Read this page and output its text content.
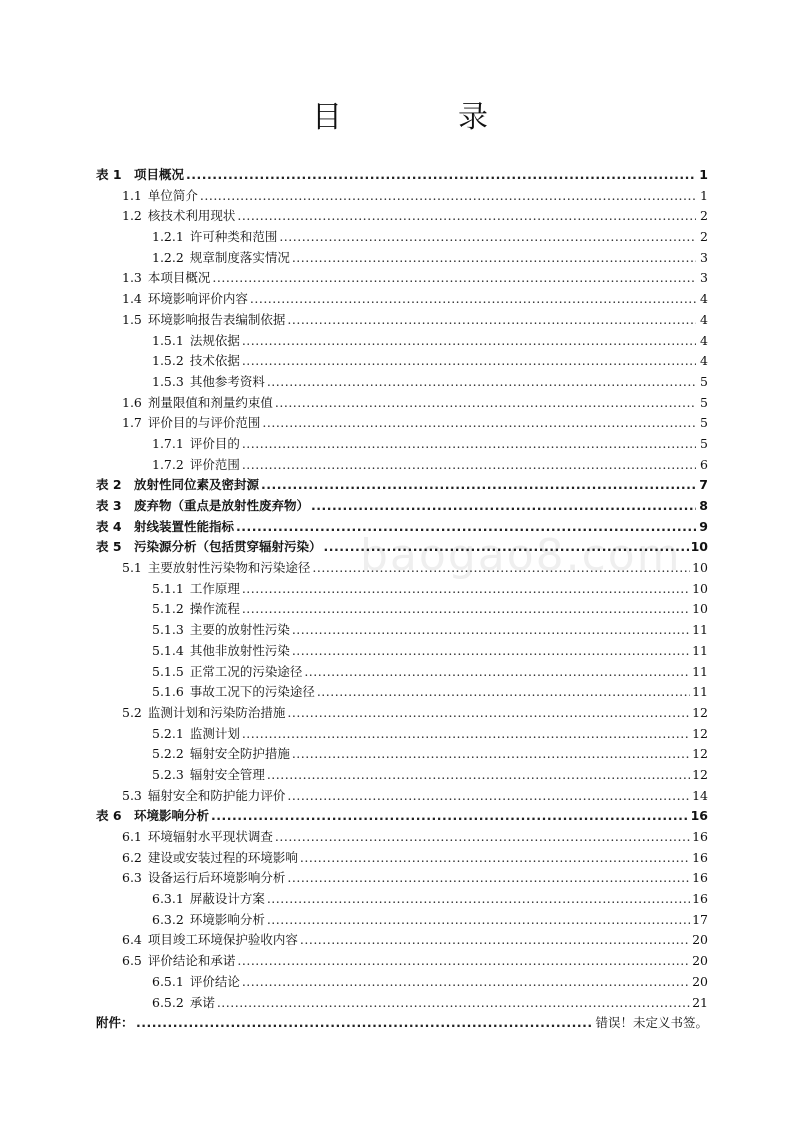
目	录
baogao8.com
表 1 项目概况 .....	1
1.1 单位简介 .....	1
1.2 核技术利用现状 .....	2
1.2.1 许可种类和范围 .....	2
1.2.2 规章制度落实情况 .....	3
1.3 本项目概况 .....	3
1.4 环境影响评价内容 .....	4
1.5 环境影响报告表编制依据 .....	4
1.5.1 法规依据 .....	4
1.5.2 技术依据 .....	4
1.5.3 其他参考资料 .....	5
1.6 剂量限值和剂量约束值 .....	5
1.7 评价目的与评价范围 .....	5
1.7.1 评价目的 .....	5
1.7.2 评价范围 .....	6
表 2 放射性同位素及密封源 .....	7
表 3 废弃物（重点是放射性废弃物） .....	8
表 4 射线装置性能指标 .....	9
表 5 污染源分析（包括贯穿辐射污染） .....	10
5.1 主要放射性污染物和污染途径 .....	10
5.1.1 工作原理 .....	10
5.1.2 操作流程 .....	10
5.1.3 主要的放射性污染 .....	11
5.1.4 其他非放射性污染 .....	11
5.1.5 正常工况的污染途径 .....	11
5.1.6 事故工况下的污染途径 .....	11
5.2 监测计划和污染防治措施 .....	12
5.2.1 监测计划 .....	12
5.2.2 辐射安全防护措施 .....	12
5.2.3 辐射安全管理 .....	12
5.3 辐射安全和防护能力评价 .....	14
表 6 环境影响分析 .....	16
6.1 环境辐射水平现状调查 .....	16
6.2 建设或安装过程的环境影响 .....	16
6.3 设备运行后环境影响分析 .....	16
6.3.1 屏蔽设计方案 .....	16
6.3.2 环境影响分析 .....	17
6.4 项目竣工环境保护验收内容 .....	20
6.5 评价结论和承诺 .....	20
6.5.1 评价结论 .....	20
6.5.2 承诺 .....	21
附件： .....	错误！未定义书签。
